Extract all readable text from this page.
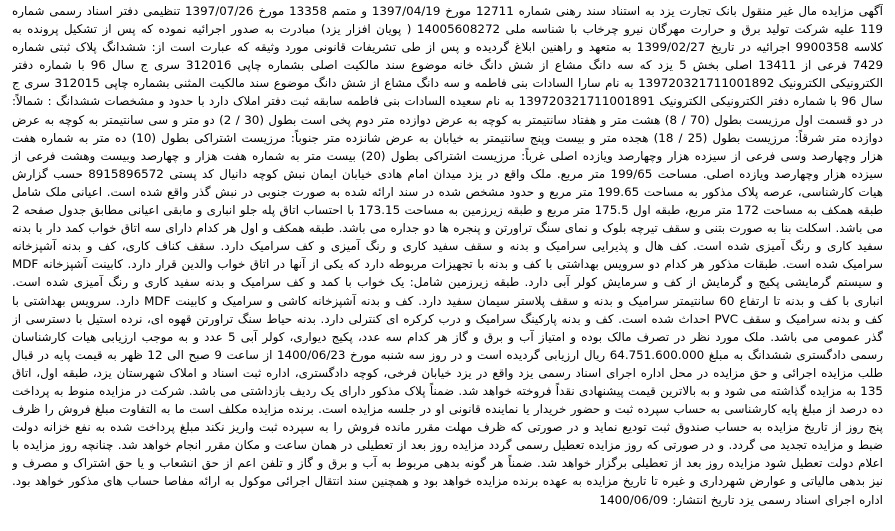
آگهی مزایده مال غیر منقول بانک تجارت یزد به استناد سند رهنی شماره 12711 مورخ 1397/04/19 و متمم 13358 مورخ 1397/07/26 تنظیمی دفتر اسناد رسمی شماره 119 علیه شرکت تولید برق و حرارت مهرگان نیرو چرخاب با شناسه ملی 14005608272 ( پویان افزار یزد) مبادرت به صدور اجرائیه نموده که پس از تشکیل پرونده به کلاسه 9900358 اجرائیه در تاریخ 1399/02/27 به متعهد و راهنین ابلاغ گردیده و پس از طی تشریفات قانونی مورد وثیقه که عبارت است از: ششدانگ پلاک ثبتی شماره 7429 فرعی از 13411 اصلی بخش 5 یزد که سه دانگ مشاع از شش دانگ خانه موضوع سند مالکیت اصلی بشماره چاپی 312016 سری ج سال 96 با شماره دفتر الکترونیکی الکترونیک 139720321711001892 به نام سارا السادات بنی فاطمه و سه دانگ مشاع از شش دانگ موضوع سند مالکیت المثنی بشماره چاپی 312015 سری ج سال 96 با شماره دفتر الکترونیکی الکترونیک 139720321711001891 به نام سعیده السادات بنی فاطمه سابقه ثبت دفتر املاک دارد با حدود و مشخصات ششدانگ : شمالاً: در دو قسمت اول مرزیست بطول (70 / 8) هشت متر و هفتاد سانتیمتر به کوچه به عرض دوازده متر دوم پخی است بطول (30 / 2) دو متر و سی سانتیمتر به کوچه به عرض دوازده متر شرقاً: مرزیست بطول (25 / 18) هجده متر و بیست وپنج سانتیمتر به خیابان به عرض شانزده متر جنوباً: مرزیست اشتراکی بطول (10) ده متر به شماره هفت هزار وچهارصد وسی فرعی از سیزده هزار وچهارصد ویازده اصلی غرباً: مرزیست اشتراکی بطول (20) بیست متر به شماره هفت هزار و چهارصد وبیست وهشت فرعی از سیزده هزار وچهارصد ویازده اصلی. مساحت 199/65 متر مربع. ملک واقع در یزد میدان امام هادی خیابان ایمان نبش کوچه دانیال کد پستی 8915896572 حسب گزارش هیات کارشناسی، عرصه پلاک مذکور به مساحت 199.65 متر مربع و حدود مشخص شده در سند ارائه شده به صورت جنوبی در نبش گذر واقع شده است. اعیانی ملک شامل طبقه همکف به مساحت 172 متر مربع، طبقه اول 175.5 متر مربع و طبقه زیرزمین به مساحت 173.15 با احتساب اتاق پله جلو انباری و مابقی اعیانی مطابق جدول صفحه 2 می باشد. اسکلت بنا به صورت بتنی و سقف تیرچه بلوک و نمای سنگ تراورتن و پنجره ها دو جداره می باشد. طبقه همکف و اول هر کدام دارای سه اتاق خواب کمد دار با بدنه سفید کاری و رنگ آمیزی شده است. کف هال و پذیرایی سرامیک و بدنه و سقف سفید کاری و رنگ آمیزی و کف سرامیک دارد. سقف کناف کاری، کف و بدنه آشپزخانه سرامیک شده است. طبقات مذکور هر کدام دو سرویس بهداشتی با کف و بدنه با تجهیزات مربوطه دارد که یکی از آنها در اتاق خواب والدین قرار دارد. کابینت آشپزخانه MDF و سیستم گرمایشی پکیج و گرمایش از کف و سرمایش کولر آبی دارد. طبقه زیرزمین شامل: یک خواب با کمد و کف سرامیک و بدنه سفید کاری و رنگ آمیزی شده است. انباری با کف و بدنه تا ارتفاع 60 سانتیمتر سرامیک و بدنه و سقف پلاستر سیمان سفید دارد. کف و بدنه آشپزخانه کاشی و سرامیک و کابینت MDF دارد. سرویس بهداشتی با کف و بدنه سرامیک و سقف PVC احداث شده است. کف و بدنه پارکینگ سرامیک و درب کرکره ای کنترلی دارد. بدنه حیاط سنگ تراورتن قهوه ای، نرده استیل با دسترسی از گذر عمومی می باشد. ملک مورد نظر در تصرف مالک بوده و امتیاز آب و برق و گاز هر کدام سه عدد، پکیج دیواری، کولر آبی 5 عدد و به موجب ارزیابی هیات کارشناسان رسمی دادگستری ششدانگ به مبلغ 64.751.600.000 ریال ارزیابی گردیده است و در روز سه شنبه مورخ 1400/06/23 از ساعت 9 صبح الی 12 ظهر به قیمت پایه در قبال طلب مزایده اجرائی و حق مزایده در محل اداره اجرای اسناد رسمی یزد واقع در یزد خیابان فرخی، کوچه دادگستری، اداره ثبت اسناد و املاک شهرستان یزد، طبقه اول، اتاق 135 به مزایده گذاشته می شود و به بالاترین قیمت پیشنهادی نقداً فروخته خواهد شد. ضمناً پلاک مذکور دارای یک ردیف بازداشتی می باشد. شرکت در مزایده منوط به پرداخت ده درصد از مبلغ پایه کارشناسی به حساب سپرده ثبت و حضور خریدار یا نماینده قانونی او در جلسه مزایده است. برنده مزایده مکلف است ما به التفاوت مبلغ فروش را ظرف پنج روز از تاریخ مزایده به حساب صندوق ثبت تودیع نماید و در صورتی که ظرف مهلت مقرر مانده فروش را به سپرده ثبت واریز نکند مبلغ پرداخت شده به نفع خزانه دولت ضبط و مزایده تجدید می گردد. و در صورتی که روز مزایده تعطیل رسمی گردد مزایده روز بعد از تعطیلی در همان ساعت و مکان مقرر انجام خواهد شد. چنانچه روز مزایده با اعلام دولت تعطیل شود مزایده روز بعد از تعطیلی برگزار خواهد شد. ضمناً هر گونه بدهی مربوط به آب و برق و گاز و تلفن اعم از حق انشعاب و یا حق اشتراک و مصرف و نیز بدهی مالیاتی و عوارض شهرداری و غیره تا تاریخ مزایده به عهده برنده مزایده خواهد بود و همچنین سند انتقال اجرائی موکول به ارائه مفاصا حساب های مذکور خواهد بود. اداره اجرای اسناد رسمی یزد تاریخ انتشار: 1400/06/09
